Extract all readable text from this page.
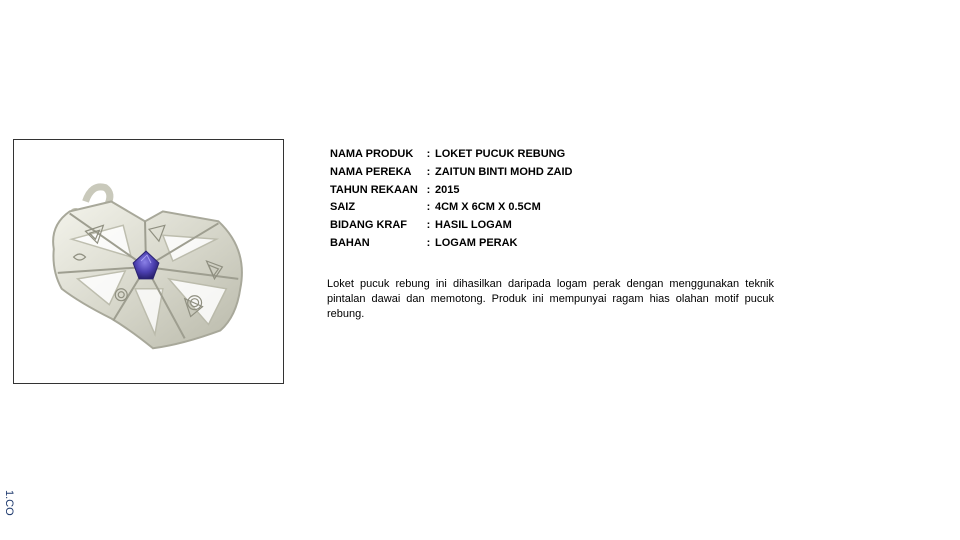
NAMA PRODUK	:	LOKET PUCUK REBUNG
NAMA PEREKA	:	ZAITUN BINTI MOHD ZAID
TAHUN REKAAN	:	2015
SAIZ	:	4CM X 6CM X 0.5CM
BIDANG KRAF	:	HASIL LOGAM
BAHAN	:	LOGAM PERAK

Loket pucuk rebung ini dihasilkan daripada logam perak dengan menggunakan teknik pintalan dawai dan memotong. Produk ini mempunyai ragam hias olahan motif pucuk rebung.

1.CO
